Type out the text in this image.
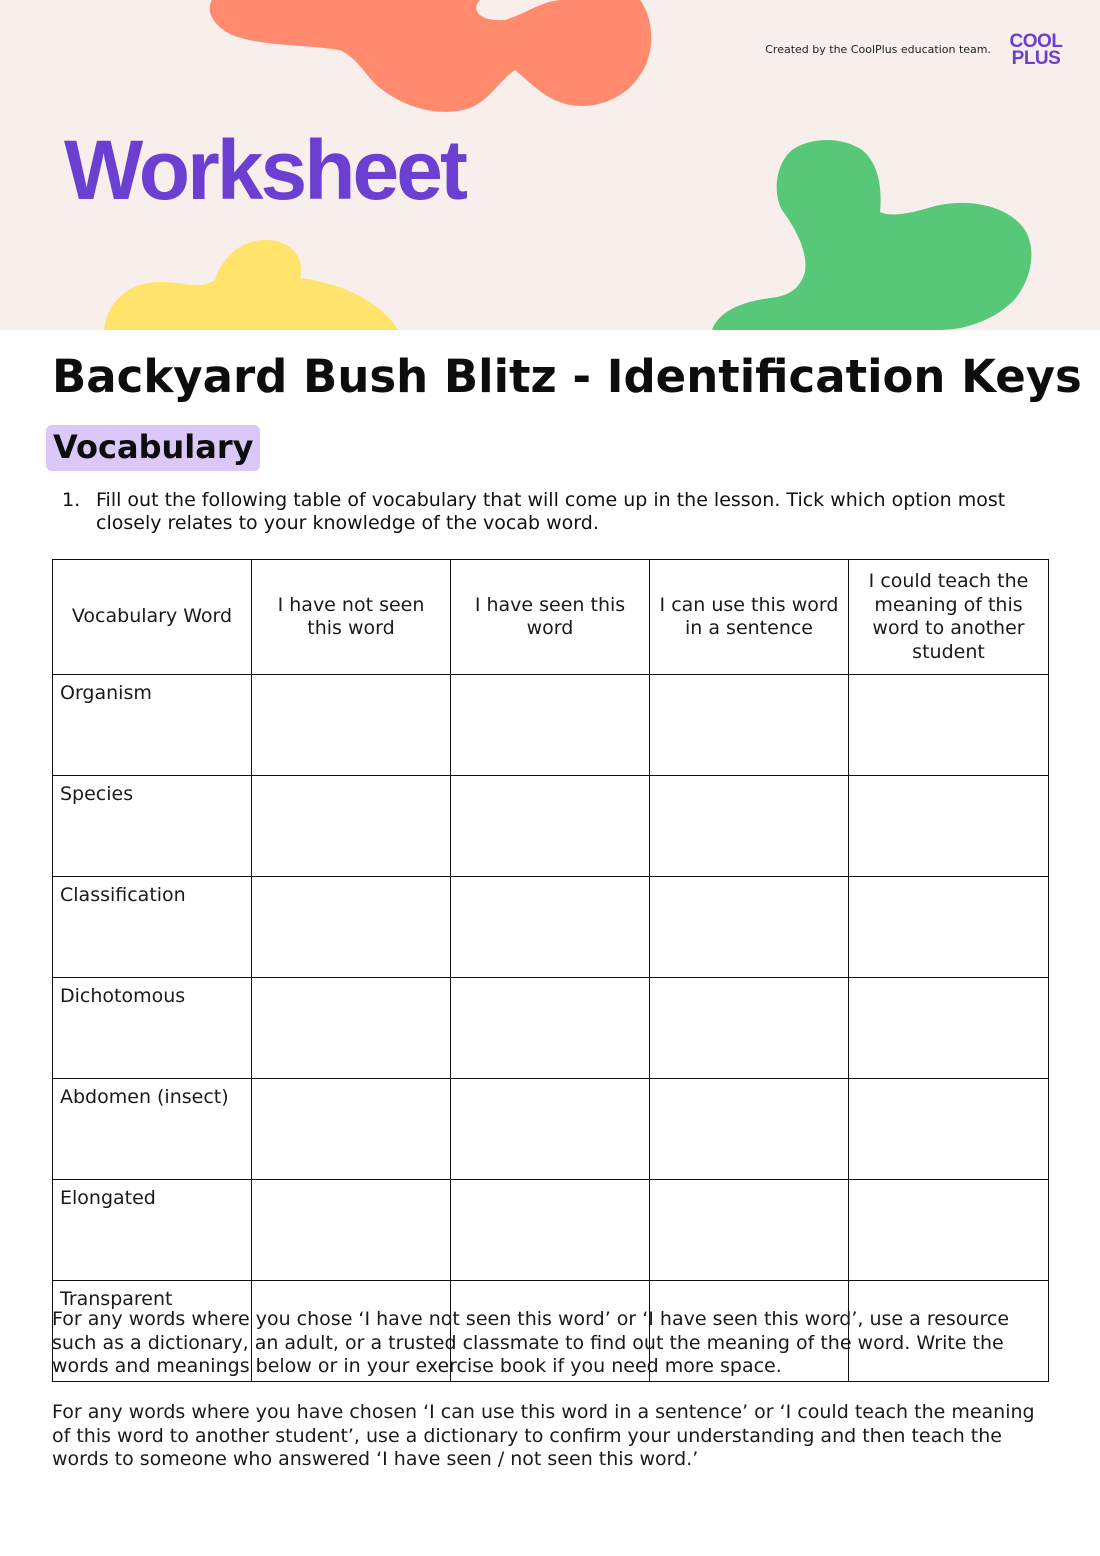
Created by the CoolPlus education team. COOL
PLUS
Worksheet
Backyard Bush Blitz - Identification Keys
Vocabulary
1. Fill out the following table of vocabulary that will come up in the lesson. Tick which option most closely relates to your knowledge of the vocab word.
Vocabulary Word	I have not seen this word	I have seen this word	I can use this word in a sentence	I could teach the meaning of this word to another student
Organism				
Species				
Classification				
Dichotomous				
Abdomen (insect)				
Elongated				
Transparent				
For any words where you chose ‘I have not seen this word’ or ‘I have seen this word’, use a resource such as a dictionary, an adult, or a trusted classmate to find out the meaning of the word. Write the words and meanings below or in your exercise book if you need more space.
For any words where you have chosen ‘I can use this word in a sentence’ or ‘I could teach the meaning of this word to another student’, use a dictionary to confirm your understanding and then teach the words to someone who answered ‘I have seen / not seen this word.’
